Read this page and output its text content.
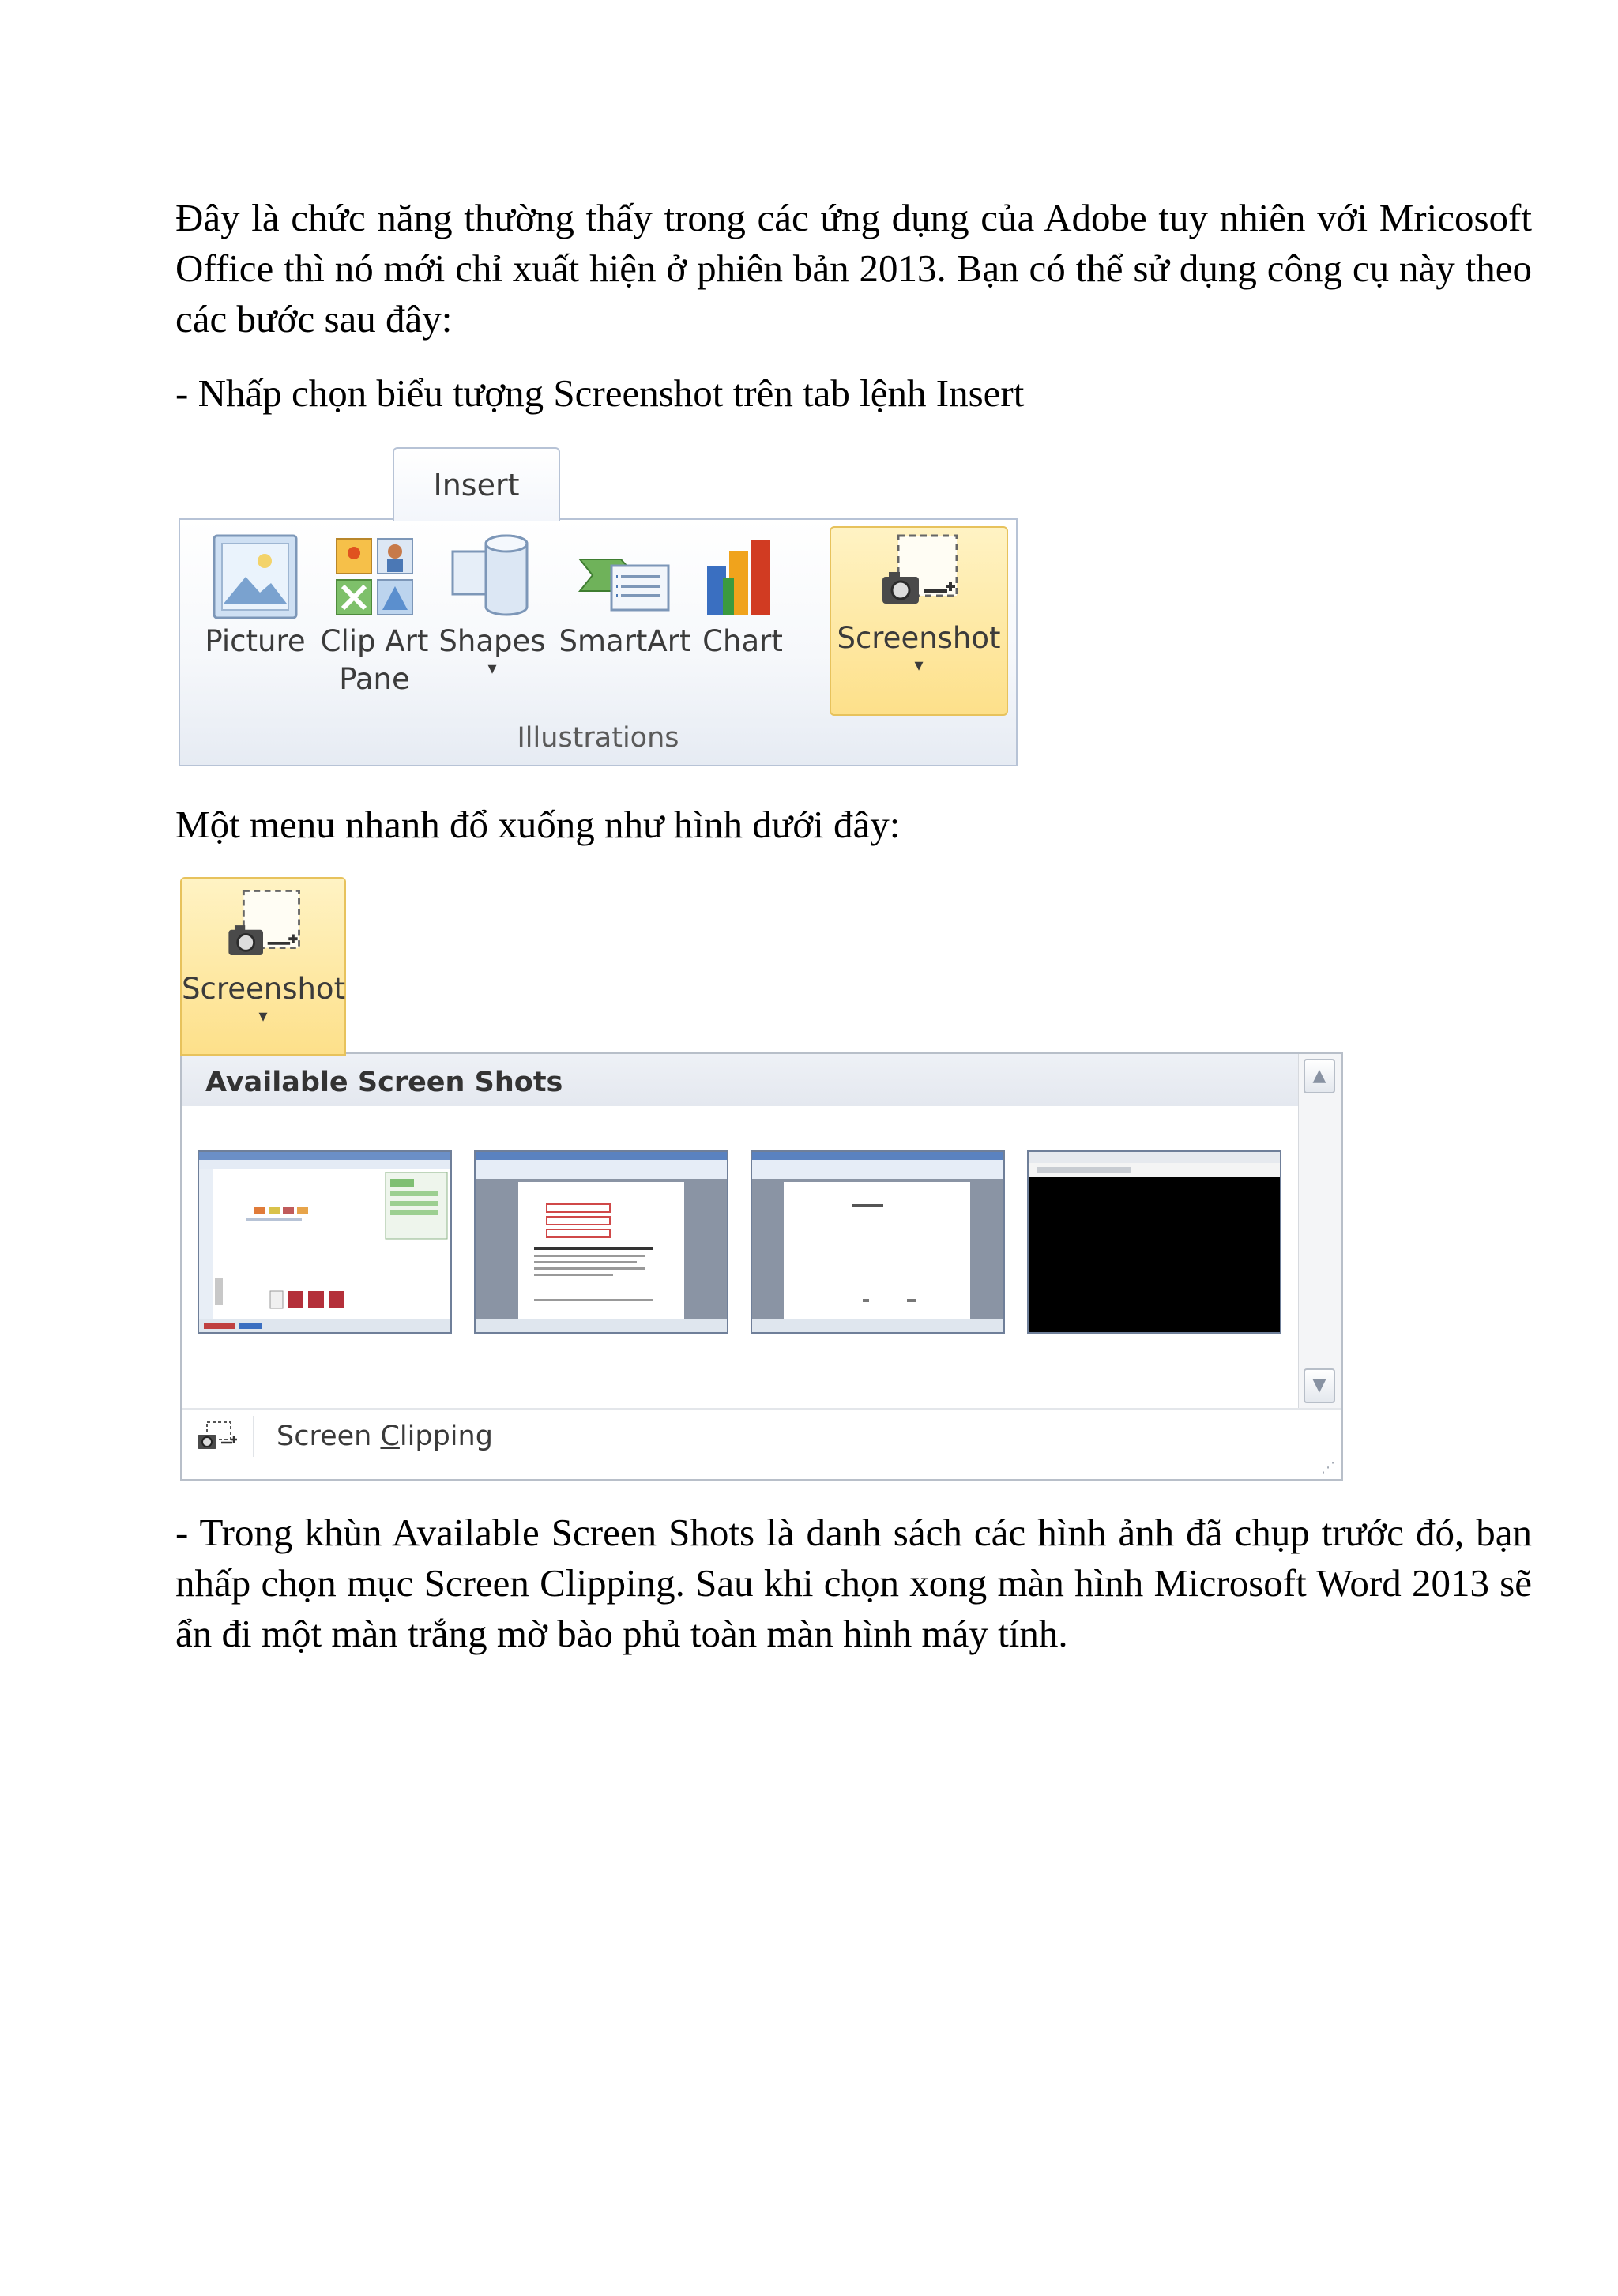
Đây là chức năng thường thấy trong các ứng dụng của Adobe tuy nhiên với Mricosoft Office thì nó mới chỉ xuất hiện ở phiên bản 2013. Bạn có thể sử dụng công cụ này theo các bước sau đây:

- Nhấp chọn biểu tượng Screenshot trên tab lệnh Insert

Một menu nhanh đổ xuống như hình dưới đây:

- Trong khùn Available Screen Shots là danh sách các hình ảnh đã chụp trước đó, bạn nhấp chọn mục Screen Clipping. Sau khi chọn xong màn hình Microsoft Word 2013 sẽ ẩn đi một màn trắng mờ bào phủ toàn màn hình máy tính.

Insert
Picture Clip Art
Pane
Shapes
▾
SmartArt Chart Screenshot
▾
Illustrations
Screenshot
▾
Available Screen Shots	▲
▼
Screen Clipping
⋰
